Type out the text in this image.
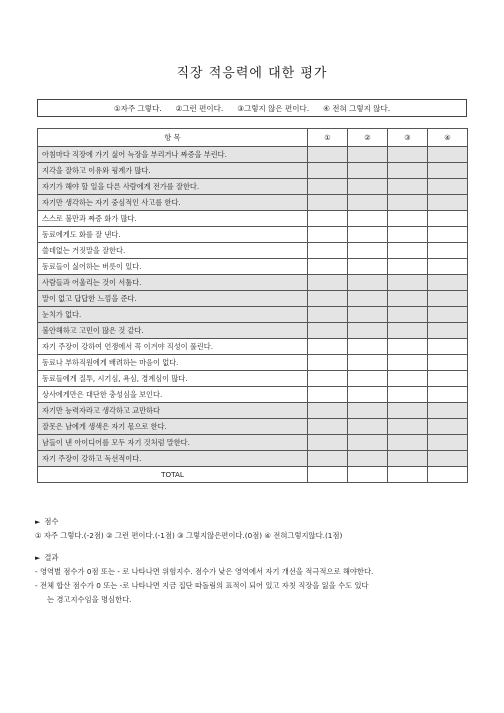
직장 적응력에 대한 평가
①자주 그렇다. ②그런 편이다. ③그렇지 않은 편이다. ④ 전혀 그렇지 않다.
항 목	①	②	③	④
아침마다 직장에 가기 싫어 늑장을 부리거나 짜증을 부린다.				
지각을 잘하고 이유와 핑계가 많다.				
자기가 해야 할 일을 다른 사람에게 전가를 잘한다.				
자기만 생각하는 자기 중심적인 사고를 한다.				
스스로 불만과 짜증 화가 많다.				
동료에게도 화를 잘 낸다.				
쓸데없는 거짓말을 잘한다.				
동료들이 싫어하는 버릇이 있다.				
사람들과 어울리는 것이 서툴다.				
말이 없고 답답한 느낌을 준다.				
눈치가 없다.				
불안해하고 고민이 많은 것 같다.				
자기 주장이 강하여 언쟁에서 꼭 이겨야 직성이 풀린다.				
동료나 부하직원에게 배려하는 마음이 없다.				
동료들에게 질투, 시기심, 욕심, 경계심이 많다.				
상사에게만은 대단한 충성심을 보인다.				
자기만 능력자라고 생각하고 교만하다				
잘못은 남에게 생색은 자기 몫으로 한다.				
남들이 낸 아이디어를 모두 자기 것처럼 말한다.				
자기 주장이 강하고 독선적이다.				
TOTAL				
► 점수
① 자주 그렇다.(-2점) ② 그런 편이다.(-1점) ③ 그렇지않은편이다.(0점) ④ 전혀그렇지않다.(1점)
► 결과
- 영역별 점수가 0점 또는 - 로 나타나면 위험지수. 점수가 낮은 영역에서 자기 개선을 적극적으로 해야한다.
- 전체 합산 점수가 0 또는 -로 나타나면 지금 집단 따돌림의 표적이 되어 있고 자칫 직장을 잃을 수도 있다
는 경고지수임을 명심한다.
